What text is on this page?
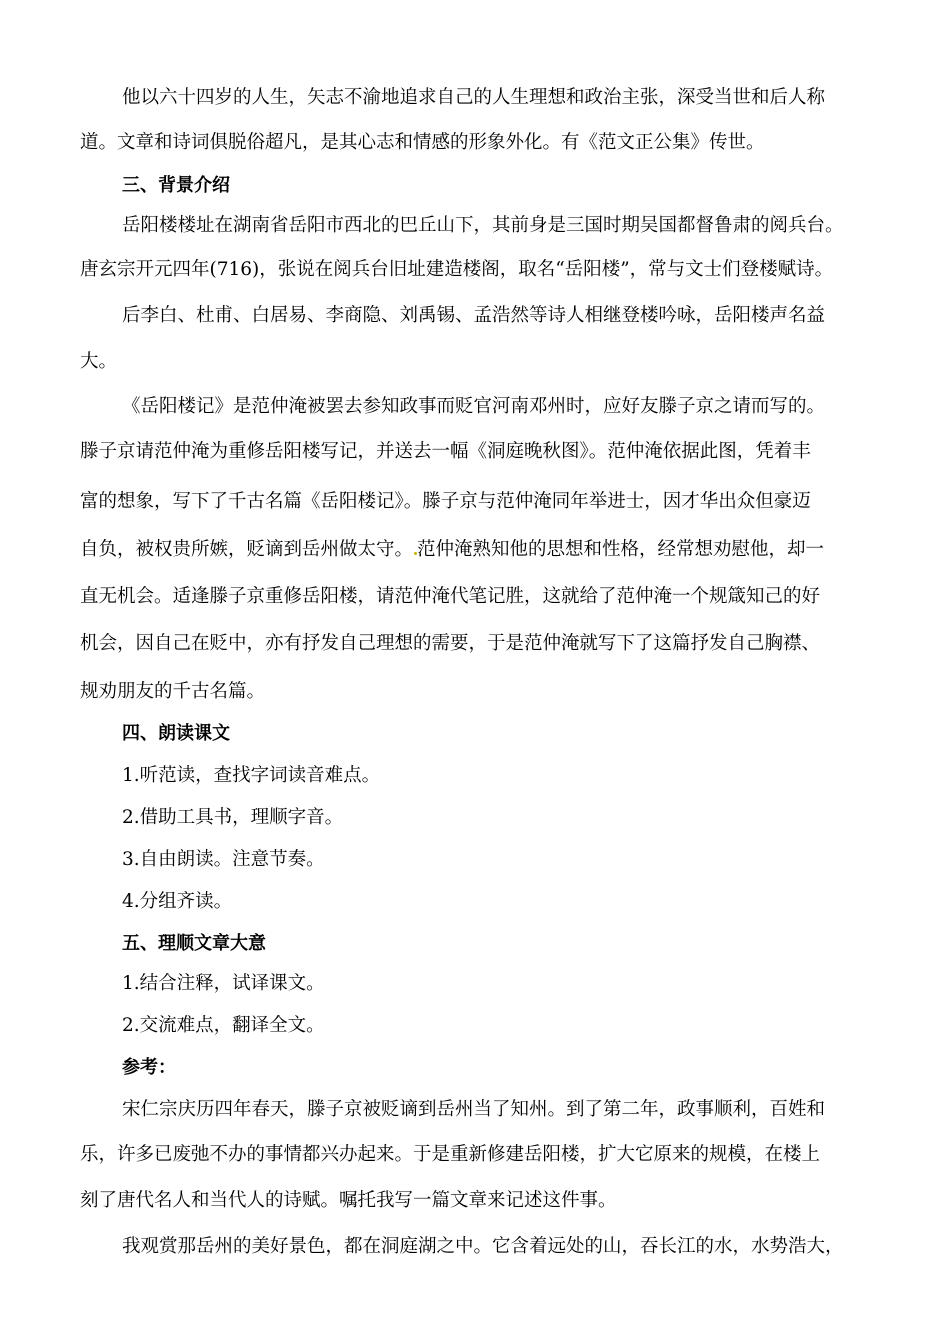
他以六十四岁的人生，矢志不渝地追求自己的人生理想和政治主张，深受当世和后人称

道。文章和诗词俱脱俗超凡，是其心志和情感的形象外化。有《范文正公集》传世。

三、背景介绍

岳阳楼楼址在湖南省岳阳市西北的巴丘山下，其前身是三国时期吴国都督鲁肃的阅兵台。

唐玄宗开元四年(716)，张说在阅兵台旧址建造楼阁，取名“岳阳楼”，常与文士们登楼赋诗。

后李白、杜甫、白居易、李商隐、刘禹锡、孟浩然等诗人相继登楼吟咏，岳阳楼声名益

大。

《岳阳楼记》是范仲淹被罢去参知政事而贬官河南邓州时，应好友滕子京之请而写的。

滕子京请范仲淹为重修岳阳楼写记，并送去一幅《洞庭晚秋图》。范仲淹依据此图，凭着丰

富的想象，写下了千古名篇《岳阳楼记》。滕子京与范仲淹同年举进士，因才华出众但豪迈

自负，被权贵所嫉，贬谪到岳州做太守。 范仲淹熟知他的思想和性格，经常想劝慰他，却一

直无机会。适逢滕子京重修岳阳楼，请范仲淹代笔记胜，这就给了范仲淹一个规箴知己的好

机会，因自己在贬中，亦有抒发自己理想的需要，于是范仲淹就写下了这篇抒发自己胸襟、

规劝朋友的千古名篇。

四、朗读课文

1.听范读，查找字词读音难点。

2.借助工具书，理顺字音。

3.自由朗读。注意节奏。

4.分组齐读。

五、理顺文章大意

1.结合注释，试译课文。

2.交流难点，翻译全文。

参考：

宋仁宗庆历四年春天，滕子京被贬谪到岳州当了知州。到了第二年，政事顺利，百姓和

乐，许多已废弛不办的事情都兴办起来。于是重新修建岳阳楼，扩大它原来的规模，在楼上

刻了唐代名人和当代人的诗赋。嘱托我写一篇文章来记述这件事。

我观赏那岳州的美好景色，都在洞庭湖之中。它含着远处的山，吞长江的水，水势浩大，
